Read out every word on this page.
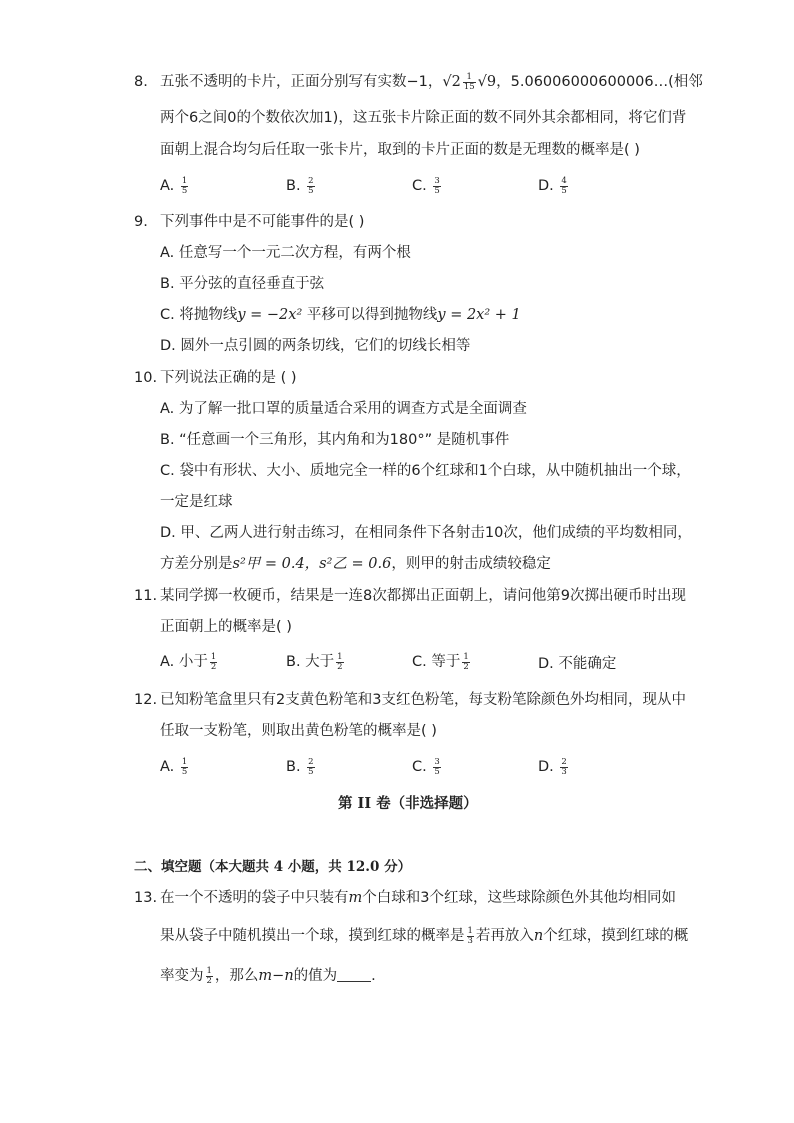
8. 五张不透明的卡片，正面分别写有实数−1，$√2 \frac{1}{15} √9$，5.06006000600006…(相邻
两个6之间0的个数依次加1)，这五张卡片除正面的数不同外其余都相同，将它们背
面朝上混合均匀后任取一张卡片，取到的卡片正面的数是无理数的概率是( )
A. $\frac{1}{5}$	B. $\frac{2}{5}$	C. $\frac{3}{5}$	D. $\frac{4}{5}$
9. 下列事件中是不可能事件的是( )
A. 任意写一个一元二次方程，有两个根
B. 平分弦的直径垂直于弦
C. 将抛物线y = −2x² 平移可以得到抛物线y = 2x² + 1
D. 圆外一点引圆的两条切线，它们的切线长相等
10. 下列说法正确的是 ( )
A. 为了解一批口罩的质量适合采用的调查方式是全面调查
B. “任意画一个三角形，其内角和为180°” 是随机事件
C. 袋中有形状、大小、质地完全一样的6个红球和1个白球，从中随机抽出一个球，
一定是红球
D. 甲、乙两人进行射击练习，在相同条件下各射击10次，他们成绩的平均数相同，
方差分别是s²甲 = 0.4，s²乙 = 0.6，则甲的射击成绩较稳定
11. 某同学掷一枚硬币，结果是一连8次都掷出正面朝上，请问他第9次掷出硬币时出现
正面朝上的概率是( )
A. 小于 $\frac{1}{2}$	B. 大于 $\frac{1}{2}$	C. 等于 $\frac{1}{2}$	D. 不能确定
12. 已知粉笔盒里只有2支黄色粉笔和3支红色粉笔，每支粉笔除颜色外均相同，现从中
任取一支粉笔，则取出黄色粉笔的概率是( )
A. $\frac{1}{5}$	B. $\frac{2}{5}$	C. $\frac{3}{5}$	D. $\frac{2}{3}$
第 II 卷（非选择题）
二、填空题（本大题共 4 小题，共 12.0 分）
13. 在一个不透明的袋子中只装有m个白球和3个红球，这些球除颜色外其他均相同如
果从袋子中随机摸出一个球，摸到红球的概率是 $\frac{1}{3}$ 若再放入n个红球，摸到红球的概
率变为 $\frac{1}{2}$ ，那么m−n的值为 .
